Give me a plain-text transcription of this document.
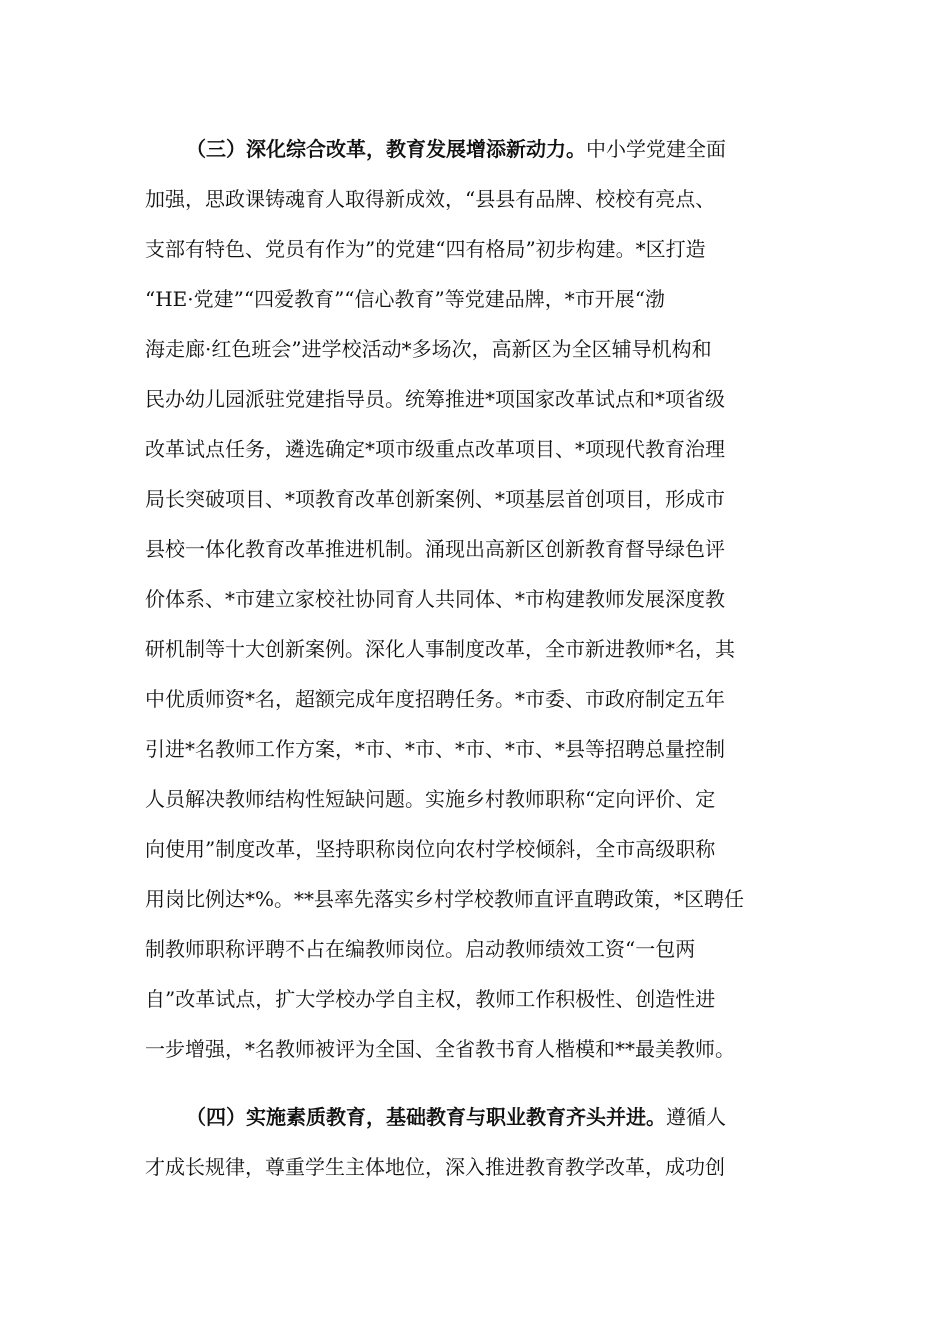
（三）深化综合改革，教育发展增添新动力。中小学党建全面
加强，思政课铸魂育人取得新成效，“县县有品牌、校校有亮点、
支部有特色、党员有作为”的党建“四有格局”初步构建。*区打造
“HE·党建”“四爱教育”“信心教育”等党建品牌，*市开展“渤
海走廊·红色班会”进学校活动*多场次，高新区为全区辅导机构和
民办幼儿园派驻党建指导员。统筹推进*项国家改革试点和*项省级
改革试点任务，遴选确定*项市级重点改革项目、*项现代教育治理
局长突破项目、*项教育改革创新案例、*项基层首创项目，形成市
县校一体化教育改革推进机制。涌现出高新区创新教育督导绿色评
价体系、*市建立家校社协同育人共同体、*市构建教师发展深度教
研机制等十大创新案例。深化人事制度改革，全市新进教师*名，其
中优质师资*名，超额完成年度招聘任务。*市委、市政府制定五年
引进*名教师工作方案，*市、*市、*市、*市、*县等招聘总量控制
人员解决教师结构性短缺问题。实施乡村教师职称“定向评价、定
向使用”制度改革，坚持职称岗位向农村学校倾斜，全市高级职称
用岗比例达*%。**县率先落实乡村学校教师直评直聘政策，*区聘任
制教师职称评聘不占在编教师岗位。启动教师绩效工资“一包两
自”改革试点，扩大学校办学自主权，教师工作积极性、创造性进
一步增强，*名教师被评为全国、全省教书育人楷模和**最美教师。
（四）实施素质教育，基础教育与职业教育齐头并进。遵循人
才成长规律，尊重学生主体地位，深入推进教育教学改革，成功创
